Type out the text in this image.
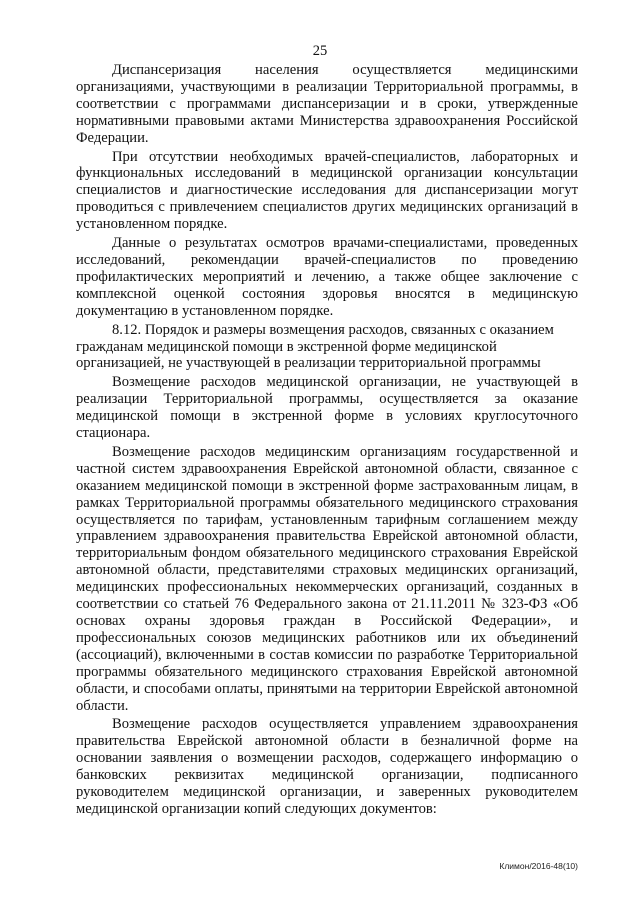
25

Диспансеризация населения осуществляется медицинскими организациями, участвующими в реализации Территориальной программы, в соответствии с программами диспансеризации и в сроки, утвержденные нормативными правовыми актами Министерства здравоохранения Российской Федерации.

При отсутствии необходимых врачей-специалистов, лабораторных и функциональных исследований в медицинской организации консультации специалистов и диагностические исследования для диспансеризации могут проводиться с привлечением специалистов других медицинских организаций в установленном порядке.

Данные о результатах осмотров врачами-специалистами, проведенных исследований, рекомендации врачей-специалистов по проведению профилактических мероприятий и лечению, а также общее заключение с комплексной оценкой состояния здоровья вносятся в медицинскую документацию в установленном порядке.

8.12. Порядок и размеры возмещения расходов, связанных с оказанием гражданам медицинской помощи в экстренной форме медицинской организацией, не участвующей в реализации территориальной программы

Возмещение расходов медицинской организации, не участвующей в реализации Территориальной программы, осуществляется за оказание медицинской помощи в экстренной форме в условиях круглосуточного стационара.

Возмещение расходов медицинским организациям государственной и частной систем здравоохранения Еврейской автономной области, связанное с оказанием медицинской помощи в экстренной форме застрахованным лицам, в рамках Территориальной программы обязательного медицинского страхования осуществляется по тарифам, установленным тарифным соглашением между управлением здравоохранения правительства Еврейской автономной области, территориальным фондом обязательного медицинского страхования Еврейской автономной области, представителями страховых медицинских организаций, медицинских профессиональных некоммерческих организаций, созданных в соответствии со статьей 76 Федерального закона от 21.11.2011 № 323-ФЗ «Об основах охраны здоровья граждан в Российской Федерации», и профессиональных союзов медицинских работников или их объединений (ассоциаций), включенными в состав комиссии по разработке Территориальной программы обязательного медицинского страхования Еврейской автономной области, и способами оплаты, принятыми на территории Еврейской автономной области.

Возмещение расходов осуществляется управлением здравоохранения правительства Еврейской автономной области в безналичной форме на основании заявления о возмещении расходов, содержащего информацию о банковских реквизитах медицинской организации, подписанного руководителем медицинской организации, и заверенных руководителем медицинской организации копий следующих документов:

Климон/2016-48(10)
